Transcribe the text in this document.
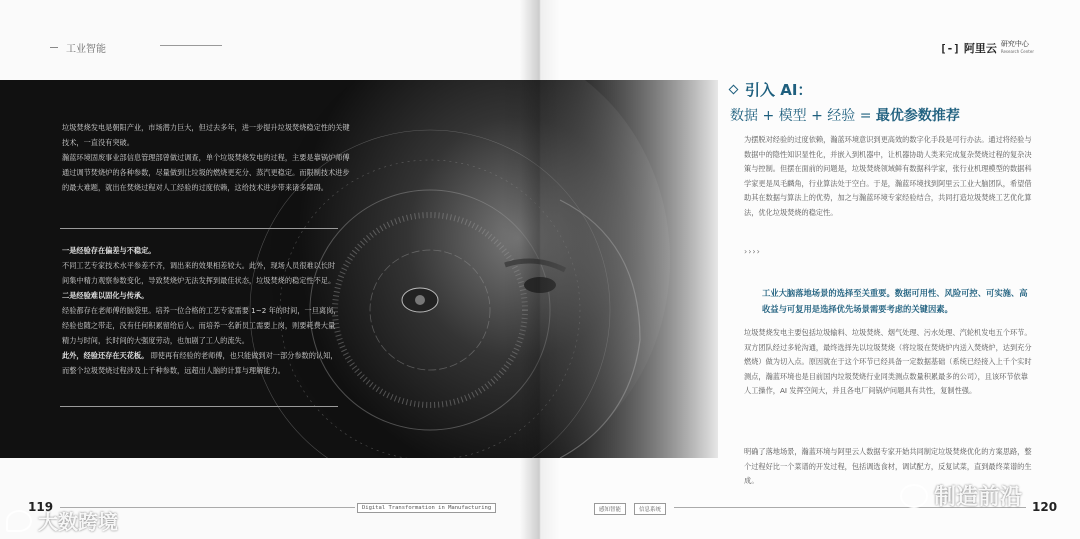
工业智能

垃圾焚烧发电是朝阳产业，市场潜力巨大，但过去多年，进一步提升垃圾焚烧稳定性的关键技术，一直没有突破。

瀚蓝环境固废事业部信息管理部曾做过调查，单个垃圾焚烧发电的过程，主要是靠锅炉师傅通过调节焚烧炉的各种参数，尽量做到让垃圾的燃烧更充分、蒸汽更稳定。而限制技术进步的最大难题，就出在焚烧过程对人工经验的过度依赖，这给技术进步带来诸多障碍。

一是经验存在偏差与不稳定。
不同工艺专家技术水平参差不齐，调出来的效果相差较大。此外，现场人员很难以长时间集中精力观察参数变化，导致焚烧炉无法发挥到最佳状态，垃圾焚烧的稳定性不足。

二是经验难以固化与传承。
经验都存在老师傅的脑袋里。培养一位合格的工艺专家需要 1~2 年的时间，一旦离岗，经验也随之带走，没有任何积累留给后人。而培养一名新员工需要上岗，则要耗费大量精力与时间，长时间的大强度劳动，也加剧了工人的流失。

此外，经验还存在天花板。 即使再有经验的老师傅，也只能做到对一部分参数的认知，而整个垃圾焚烧过程涉及上千种参数，远超出人脑的计算与理解能力。

[-] 阿里云 研究中心
Research Center
引入 AI：
数据 + 模型 + 经验 = 最优参数推荐
为摆脱对经验的过度依赖，瀚蓝环境意识到更高效的数字化手段是可行办法。通过将经验与数据中的隐性知识显性化，并嵌入到机器中，让机器协助人类来完成复杂焚烧过程的复杂决策与控制。但摆在面前的问题是，垃圾焚烧领域鲜有数据科学家，张行业机理模型的数据科学家更是凤毛麟角，行业算法处于空白。于是，瀚蓝环境找到阿里云工业大脑团队，希望借助其在数据与算法上的优势，加之与瀚蓝环境专家经验结合，共同打造垃圾焚烧工艺优化算法，优化垃圾焚烧的稳定性。
››››
工业大脑落地场景的选择至关重要。数据可用性、风险可控、可实施、高收益与可复用是选择优先场景需要考虑的关键因素。
垃圾焚烧发电主要包括垃圾输料、垃圾焚烧、烟气处理、污水处理、汽轮机发电五个环节。双方团队经过多轮沟通，最终选择先以垃圾焚烧（将垃圾在焚烧炉内送入焚烧炉，达到充分燃烧）做为切入点。原因就在于这个环节已经具备一定数据基础（系统已经接入上千个实时测点，瀚蓝环境也是目前国内垃圾焚烧行业同类测点数量积累最多的公司），且该环节依靠人工操作，AI 发挥空间大，并且各电厂间锅炉问题具有共性，复制性强。
明确了落地场景，瀚蓝环境与阿里云人数据专家开始共同制定垃圾焚烧优化的方案思路，整个过程好比一个菜谱的开发过程，包括调选食材，调试配方，反复试菜，直到最终菜谱的生成。
119	Digital Transformation in Manufacturing	感知智能	信息系统	120
大数跨境
制造前沿
